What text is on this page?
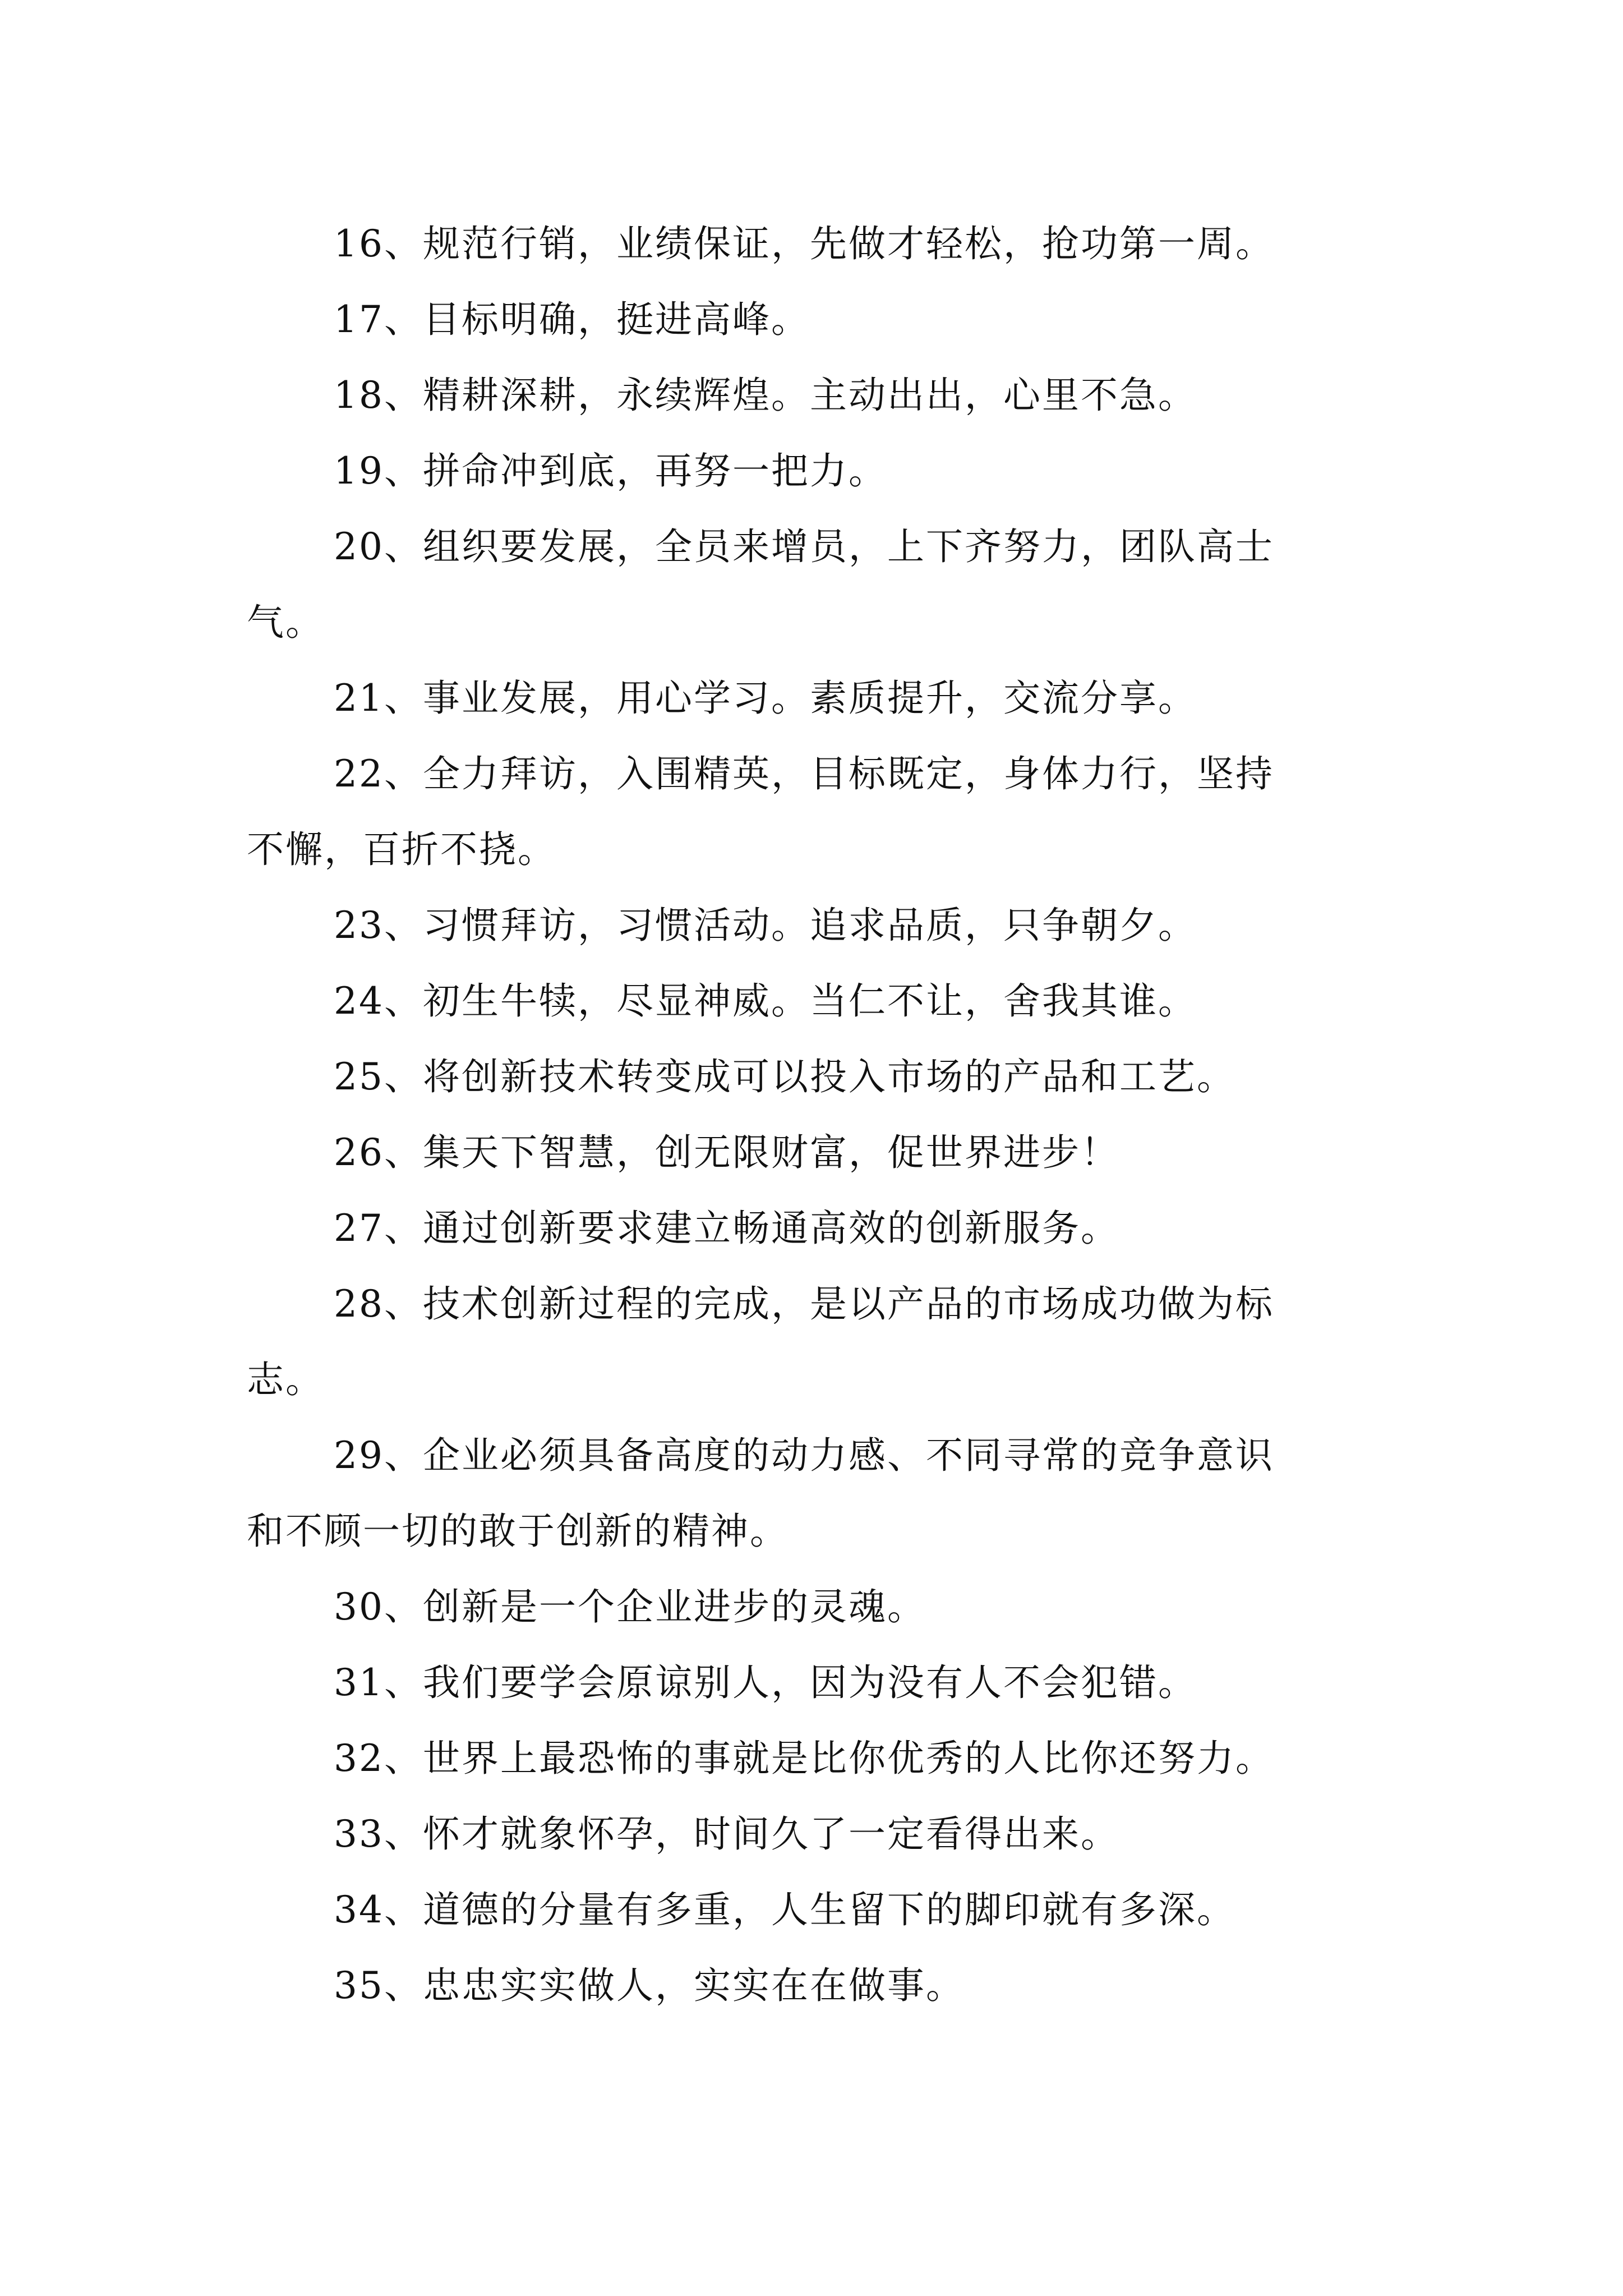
16、规范行销，业绩保证，先做才轻松，抢功第一周。
17、目标明确，挺进高峰。
18、精耕深耕，永续辉煌。主动出出，心里不急。
19、拼命冲到底，再努一把力。
20、组织要发展，全员来增员，上下齐努力，团队高士
气。
21、事业发展，用心学习。素质提升，交流分享。
22、全力拜访，入围精英，目标既定，身体力行，坚持
不懈，百折不挠。
23、习惯拜访，习惯活动。追求品质，只争朝夕。
24、初生牛犊，尽显神威。当仁不让，舍我其谁。
25、将创新技术转变成可以投入市场的产品和工艺。
26、集天下智慧，创无限财富，促世界进步！
27、通过创新要求建立畅通高效的创新服务。
28、技术创新过程的完成，是以产品的市场成功做为标
志。
29、企业必须具备高度的动力感、不同寻常的竞争意识
和不顾一切的敢于创新的精神。
30、创新是一个企业进步的灵魂。
31、我们要学会原谅别人，因为没有人不会犯错。
32、世界上最恐怖的事就是比你优秀的人比你还努力。
33、怀才就象怀孕，时间久了一定看得出来。
34、道德的分量有多重，人生留下的脚印就有多深。
35、忠忠实实做人，实实在在做事。
